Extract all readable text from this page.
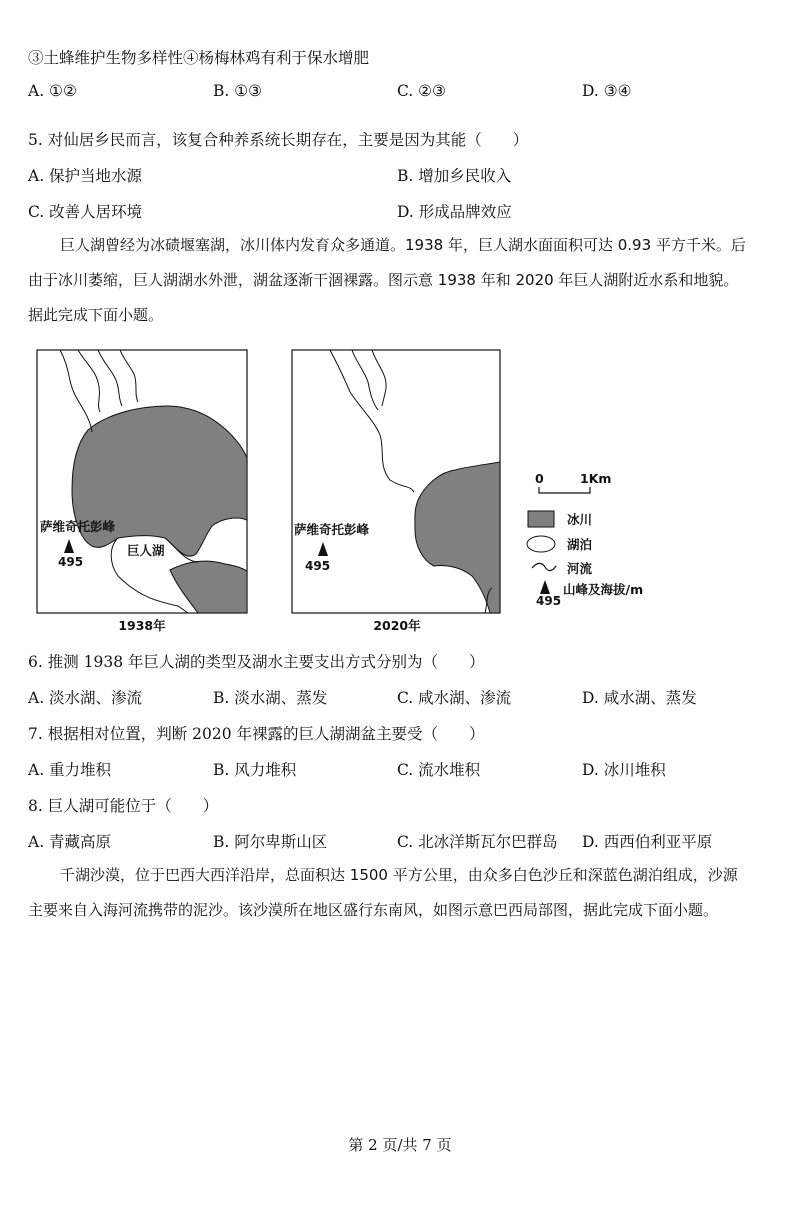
③土蜂维护生物多样性④杨梅林鸡有利于保水增肥
A. ①②	B. ①③	C. ②③	D. ③④
5. 对仙居乡民而言，该复合种养系统长期存在，主要是因为其能（　　）
A. 保护当地水源	B. 增加乡民收入
C. 改善人居环境	D. 形成品牌效应
巨人湖曾经为冰碛堰塞湖，冰川体内发育众多通道。1938 年，巨人湖水面面积可达 0.93 平方千米。后
由于冰川萎缩，巨人湖湖水外泄，湖盆逐渐干涸裸露。图示意 1938 年和 2020 年巨人湖附近水系和地貌。
据此完成下面小题。
萨维奇托彭峰
495
巨人湖
1938年
萨维奇托彭峰
495
2020年
0	1Km
冰川
湖泊
河流
495
山峰及海拔/m
6. 推测 1938 年巨人湖的类型及湖水主要支出方式分别为（　　）
A. 淡水湖、渗流	B. 淡水湖、蒸发	C. 咸水湖、渗流	D. 咸水湖、蒸发
7. 根据相对位置，判断 2020 年裸露的巨人湖湖盆主要受（　　）
A. 重力堆积	B. 风力堆积	C. 流水堆积	D. 冰川堆积
8. 巨人湖可能位于（　　）
A. 青藏高原	B. 阿尔卑斯山区	C. 北冰洋斯瓦尔巴群岛 D. 西西伯利亚平原
千湖沙漠，位于巴西大西洋沿岸，总面积达 1500 平方公里，由众多白色沙丘和深蓝色湖泊组成，沙源
主要来自入海河流携带的泥沙。该沙漠所在地区盛行东南风，如图示意巴西局部图，据此完成下面小题。
第 2 页/共 7 页
